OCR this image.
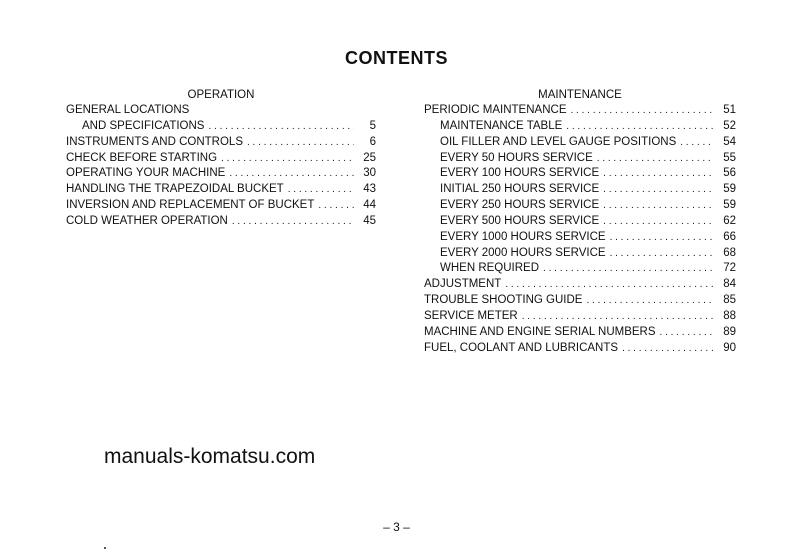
CONTENTS
OPERATION
GENERAL LOCATIONS
AND SPECIFICATIONS . . .	5
INSTRUMENTS AND CONTROLS . . .	6
CHECK BEFORE STARTING . . .	25
OPERATING YOUR MACHINE . . .	30
HANDLING THE TRAPEZOIDAL BUCKET . . .	43
INVERSION AND REPLACEMENT OF BUCKET . . .	44
COLD WEATHER OPERATION . . .	45
MAINTENANCE
PERIODIC MAINTENANCE . . .	51
MAINTENANCE TABLE . . .	52
OIL FILLER AND LEVEL GAUGE POSITIONS . . .	54
EVERY 50 HOURS SERVICE . . .	55
EVERY 100 HOURS SERVICE . . .	56
INITIAL 250 HOURS SERVICE . . .	59
EVERY 250 HOURS SERVICE . . .	59
EVERY 500 HOURS SERVICE . . .	62
EVERY 1000 HOURS SERVICE . . .	66
EVERY 2000 HOURS SERVICE . . .	68
WHEN REQUIRED . . .	72
ADJUSTMENT . . .	84
TROUBLE SHOOTING GUIDE . . .	85
SERVICE METER . . .	88
MACHINE AND ENGINE SERIAL NUMBERS . . .	89
FUEL, COOLANT AND LUBRICANTS . . .	90
manuals-komatsu.com
– 3 –
